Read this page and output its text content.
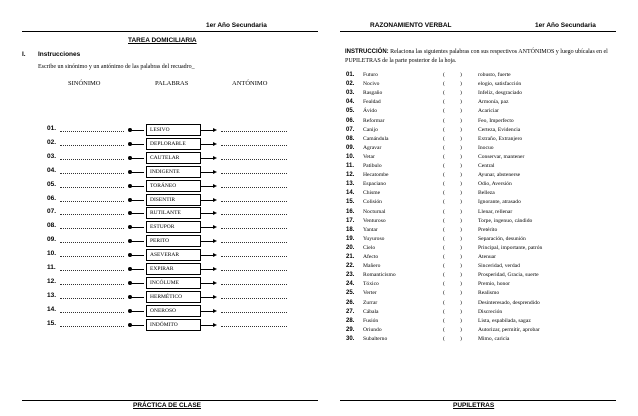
1er Año Secundaria
TAREA DOMICILIARIA
I. Instrucciones
Escribe un sinónimo y un antónimo de las palabras del recuadro_
SINÓNIMO	PALABRAS	ANTÓNIMO
01.	LESIVO
02.	DEPLORABLE
03.	CAUTELAR
04.	INDIGENTE
05.	TORÁNEO
06.	DISENTIR
07.	RUTILANTE
08.	ESTUPOR
09.	PERITO
10.	ASEVERAR
11.	EXPIRAR
12.	INCÓLUME
13.	HERMÉTICO
14.	ONEROSO
15.	INDÓMITO
PRÁCTICA DE CLASE
RAZONAMIENTO VERBAL	1er Año Secundaria
INSTRUCCIÓN: Relaciona las siguientes palabras con sus respectivos ANTÓNIMOS y luego ubícalas en el PUPILETRAS de la parte posterior de la hoja.
01. Futuro	(	)	robusto, fuerte
02. Nocivo	(	)	elogio, satisfacción
03. Rasgaño	(	)	Infeliz, desgraciado
04. Fealdad	(	)	Armonía, paz
05. Ávido	(	)	Acariciar
06. Reformar	(	)	Feo, Imperfecto
07. Canijo	(	)	Certeza, Evidencia
08. Camándula	(	)	Extraño, Extranjero
09. Agravar	(	)	Inocuo
10. Vetar	(	)	Conservar, mantener
11. Patibulo	(	)	Central
12. Hecatombe	(	)	Ayunar, abstenerse
13. Espaciano	(	)	Odio, Aversión
14. Chisme	(	)	Belleza
15. Colisión	(	)	Ignorante, atrasado
16. Nocturnal	(	)	Llenar, rellenar
17. Venturoso	(	)	Torpe, ingenuo, cándido
18. Yantar	(	)	Pretérito
19. Yuyuroso	(	)	Separación, desunión
20. Cielo	(	)	Principal, importante, patrón
21. Afecto	(	)	Atenuar
22. Mañero	(	)	Sinceridad, verdad
23. Romanticismo	(	)	Prosperidad, Gracia, suerte
24. Tóxico	(	)	Premio, honor
25. Verter	(	)	Realismo
26. Zurrar	(	)	Desinteresado, desprendido
27. Cábala	(	)	Discreción
28. Fusión	(	)	Lista, espabilada, sagaz
29. Oriundo	(	)	Autorizar, permitir, aprobar
30. Subalterno	(	)	Mimo, caricia
PUPILETRAS
